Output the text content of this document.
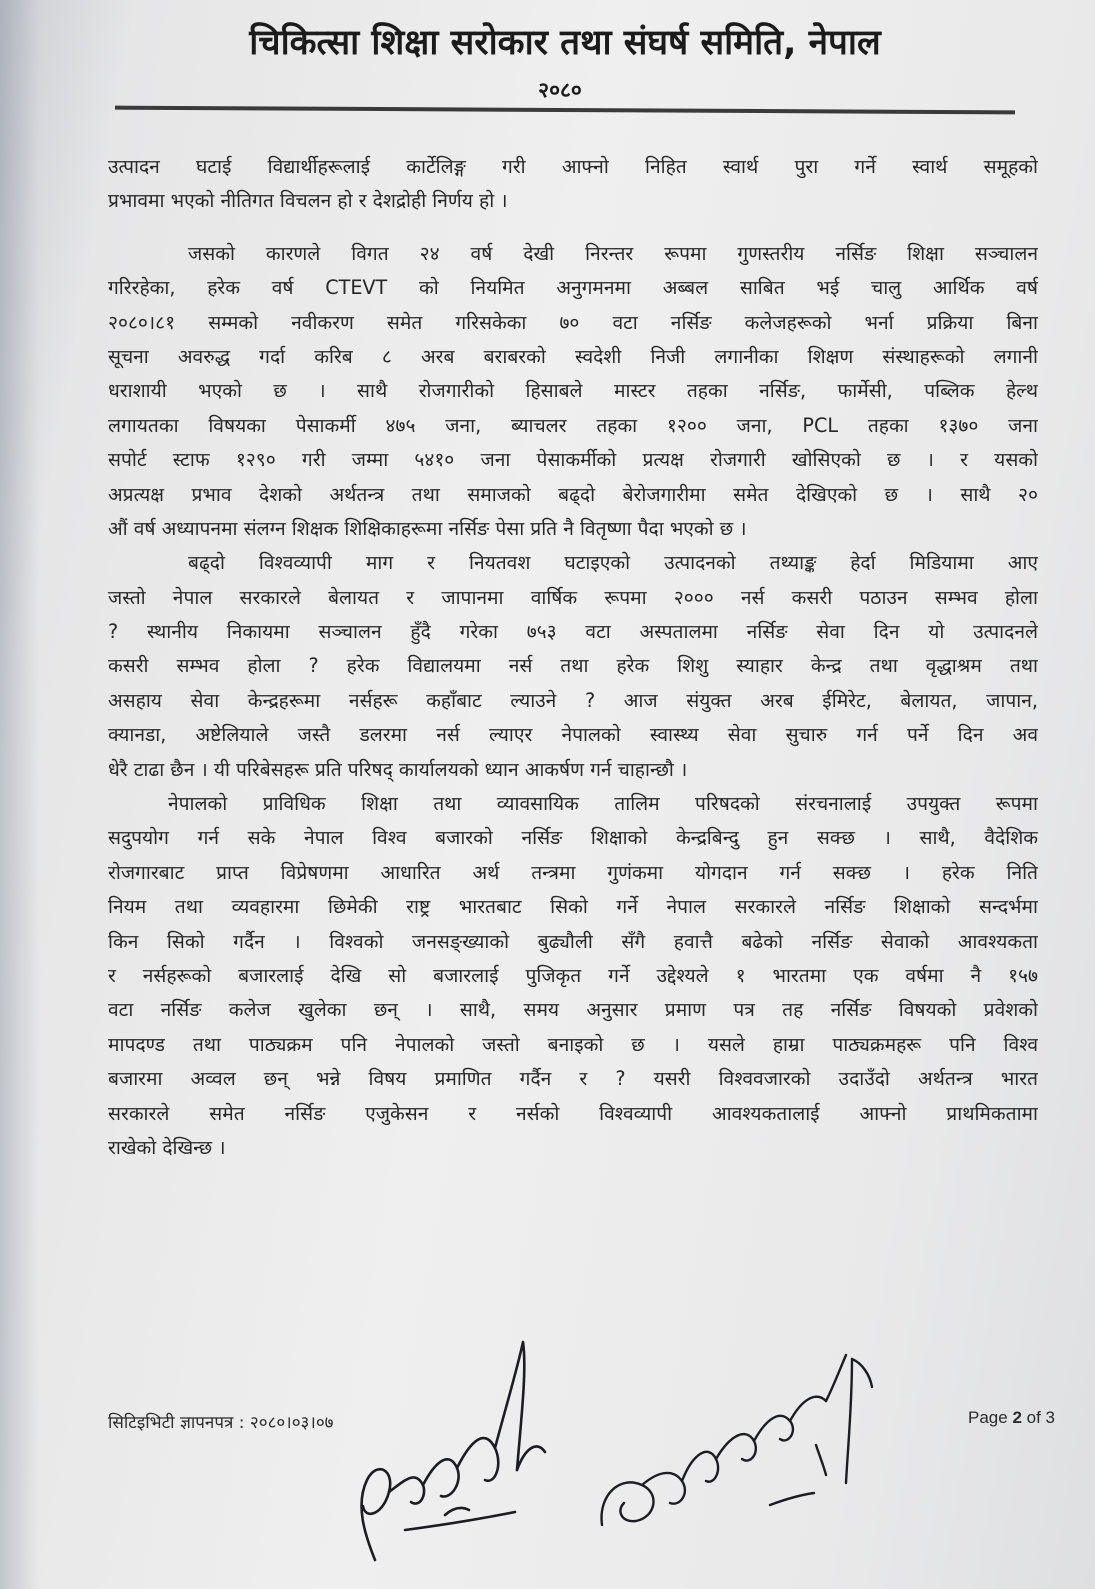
चिकित्सा शिक्षा सरोकार तथा संघर्ष समिति, नेपाल
२०८०
उत्पादन घटाई विद्यार्थीहरूलाई कार्टेलिङ्ग गरी आफ्नो निहित स्वार्थ पुरा गर्ने स्वार्थ समूहको
प्रभावमा भएको नीतिगत विचलन हो र देशद्रोही निर्णय हो ।
जसको कारणले विगत २४ वर्ष देखी निरन्तर रूपमा गुणस्तरीय नर्सिङ शिक्षा सञ्चालन
गरिरहेका, हरेक वर्ष CTEVT को नियमित अनुगमनमा अब्बल साबित भई चालु आर्थिक वर्ष
२०८०।८१ सम्मको नवीकरण समेत गरिसकेका ७० वटा नर्सिङ कलेजहरूको भर्ना प्रक्रिया बिना
सूचना अवरुद्ध गर्दा करिब ८ अरब बराबरको स्वदेशी निजी लगानीका शिक्षण संस्थाहरूको लगानी
धराशायी भएको छ । साथै रोजगारीको हिसाबले मास्टर तहका नर्सिङ, फार्मेसी, पब्लिक हेल्थ
लगायतका विषयका पेसाकर्मी ४७५ जना, ब्याचलर तहका १२०० जना, PCL तहका १३७० जना
सपोर्ट स्टाफ १२९० गरी जम्मा ५४१० जना पेसाकर्मीको प्रत्यक्ष रोजगारी खोसिएको छ । र यसको
अप्रत्यक्ष प्रभाव देशको अर्थतन्त्र तथा समाजको बढ्दो बेरोजगारीमा समेत देखिएको छ । साथै २०
औं वर्ष अध्यापनमा संलग्न शिक्षक शिक्षिकाहरूमा नर्सिङ पेसा प्रति नै वितृष्णा पैदा भएको छ ।
बढ्दो विश्वव्यापी माग र नियतवश घटाइएको उत्पादनको तथ्याङ्क हेर्दा मिडियामा आए
जस्तो नेपाल सरकारले बेलायत र जापानमा वार्षिक रूपमा २००० नर्स कसरी पठाउन सम्भव होला
? स्थानीय निकायमा सञ्चालन हुँदै गरेका ७५३ वटा अस्पतालमा नर्सिङ सेवा दिन यो उत्पादनले
कसरी सम्भव होला ? हरेक विद्यालयमा नर्स तथा हरेक शिशु स्याहार केन्द्र तथा वृद्धाश्रम तथा
असहाय सेवा केन्द्रहरूमा नर्सहरू कहाँबाट ल्याउने ? आज संयुक्त अरब ईमिरेट, बेलायत, जापान,
क्यानडा, अष्टेलियाले जस्तै डलरमा नर्स ल्याएर नेपालको स्वास्थ्य सेवा सुचारु गर्न पर्ने दिन अव
धेरै टाढा छैन । यी परिबेसहरू प्रति परिषद् कार्यालयको ध्यान आकर्षण गर्न चाहान्छौ ।
नेपालको प्राविधिक शिक्षा तथा व्यावसायिक तालिम परिषदको संरचनालाई उपयुक्त रूपमा
सदुपयोग गर्न सके नेपाल विश्व बजारको नर्सिङ शिक्षाको केन्द्रबिन्दु हुन सक्छ । साथै, वैदेशिक
रोजगारबाट प्राप्त विप्रेषणमा आधारित अर्थ तन्त्रमा गुणंकमा योगदान गर्न सक्छ । हरेक निति
नियम तथा व्यवहारमा छिमेकी राष्ट्र भारतबाट सिको गर्ने नेपाल सरकारले नर्सिङ शिक्षाको सन्दर्भमा
किन सिको गर्दैन । विश्वको जनसङ्ख्याको बुढ्यौली सँगै हवात्तै बढेको नर्सिङ सेवाको आवश्यकता
र नर्सहरूको बजारलाई देखि सो बजारलाई पुजिकृत गर्ने उद्देश्यले १ भारतमा एक वर्षमा नै १५७
वटा नर्सिङ कलेज खुलेका छन् । साथै, समय अनुसार प्रमाण पत्र तह नर्सिङ विषयको प्रवेशको
मापदण्ड तथा पाठ्यक्रम पनि नेपालको जस्तो बनाइको छ । यसले हाम्रा पाठ्यक्रमहरू पनि विश्व
बजारमा अव्वल छन् भन्ने विषय प्रमाणित गर्दैन र ? यसरी विश्ववजारको उदाउँदो अर्थतन्त्र भारत
सरकारले समेत नर्सिङ एजुकेसन र नर्सको विश्वव्यापी आवश्यकतालाई आफ्नो प्राथमिकतामा
राखेको देखिन्छ ।
सिटिइभिटी ज्ञापनपत्र : २०८०।०३।०७	Page 2 of 3
